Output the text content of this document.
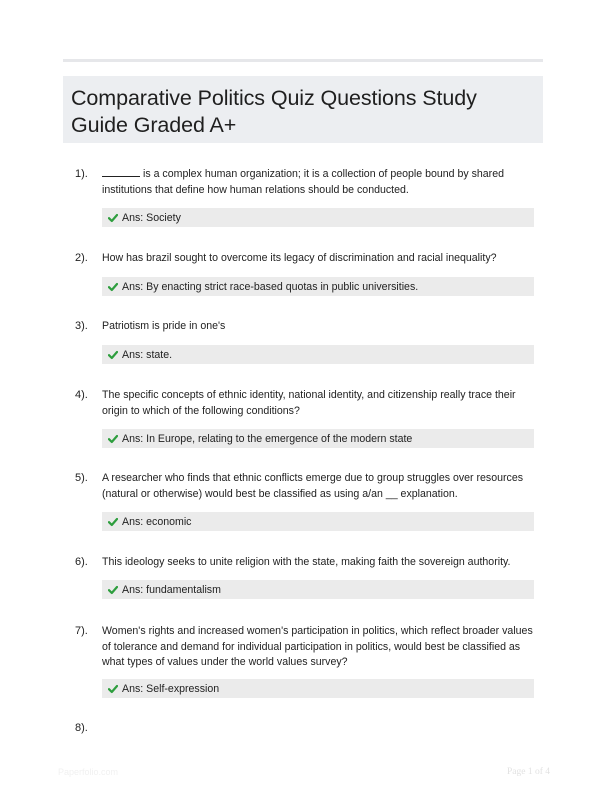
Comparative Politics Quiz Questions Study
Guide Graded A+
1).	is a complex human organization; it is a collection of people bound by shared institutions that define how human relations should be conducted.
Ans: Society
2). How has brazil sought to overcome its legacy of discrimination and racial inequality?
Ans: By enacting strict race-based quotas in public universities.
3). Patriotism is pride in one's
Ans: state.
4). The specific concepts of ethnic identity, national identity, and citizenship really trace their origin to which of the following conditions?
Ans: In Europe, relating to the emergence of the modern state
5). A researcher who finds that ethnic conflicts emerge due to group struggles over resources (natural or otherwise) would best be classified as using a/an __ explanation.
Ans: economic
6). This ideology seeks to unite religion with the state, making faith the sovereign authority.
Ans: fundamentalism
7). Women's rights and increased women's participation in politics, which reflect broader values of tolerance and demand for individual participation in politics, would best be classified as what types of values under the world values survey?
Ans: Self-expression
8).
Paperfolio.com	Page 1 of 4
